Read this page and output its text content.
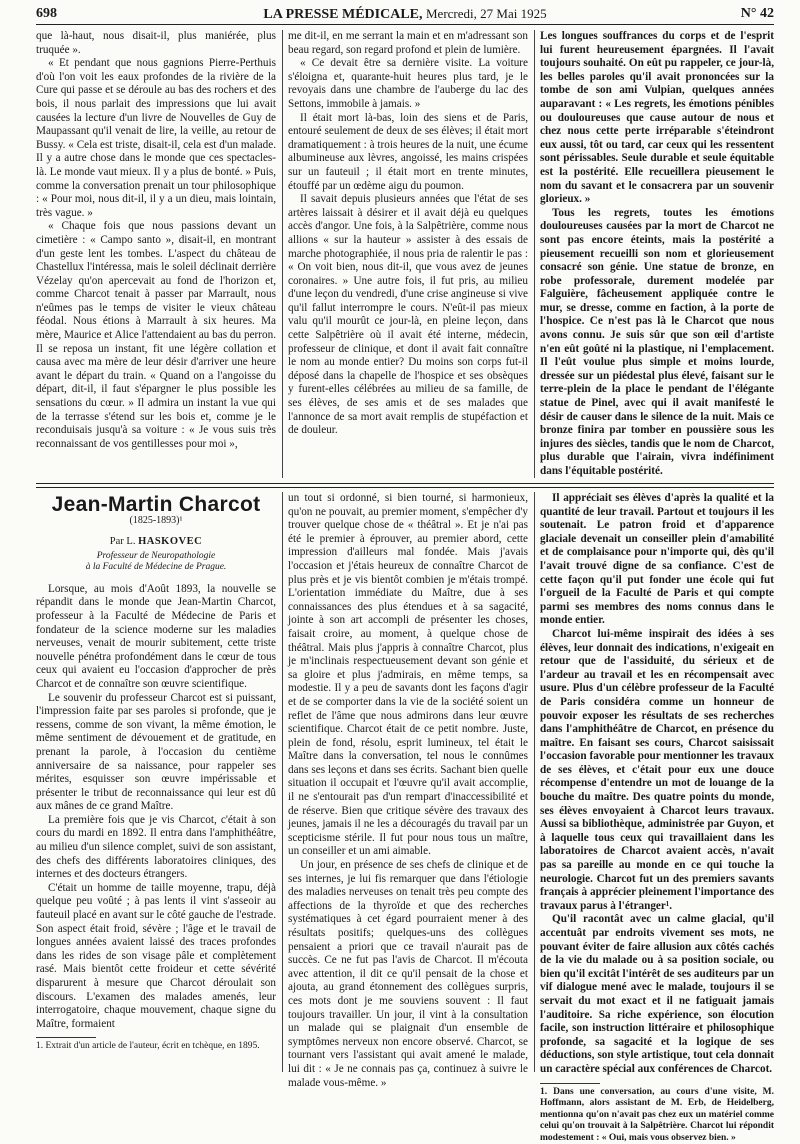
698	LA PRESSE MÉDICALE, Mercredi, 27 Mai 1925	N° 42

que là-haut, nous disait-il, plus maniérée, plus truquée ».

« Et pendant que nous gagnions Pierre-Perthuis d'où l'on voit les eaux profondes de la rivière de la Cure qui passe et se déroule au bas des rochers et des bois, il nous parlait des impressions que lui avait causées la lecture d'un livre de Nouvelles de Guy de Maupassant qu'il venait de lire, la veille, au retour de Bussy. « Cela est triste, disait-il, cela est d'un malade. Il y a autre chose dans le monde que ces spectacles-là. Le monde vaut mieux. Il y a plus de bonté. » Puis, comme la conversation prenait un tour philosophique : « Pour moi, nous dit-il, il y a un dieu, mais lointain, très vague. »

« Chaque fois que nous passions devant un cimetière : « Campo santo », disait-il, en montrant d'un geste lent les tombes. L'aspect du château de Chastellux l'intéressa, mais le soleil déclinait derrière Vézelay qu'on apercevait au fond de l'horizon et, comme Charcot tenait à passer par Marrault, nous n'eûmes pas le temps de visiter le vieux château féodal. Nous étions à Marrault à six heures. Ma mère, Maurice et Alice l'attendaient au bas du perron. Il se reposa un instant, fit une légère collation et causa avec ma mère de leur désir d'arriver une heure avant le départ du train. « Quand on a l'angoisse du départ, dit-il, il faut s'épargner le plus possible les sensations du cœur. » Il admira un instant la vue qui de la terrasse s'étend sur les bois et, comme je le reconduisais jusqu'à sa voiture : « Je vous suis très reconnaissant de vos gentillesses pour moi »,

me dit-il, en me serrant la main et en m'adressant son beau regard, son regard profond et plein de lumière.

« Ce devait être sa dernière visite. La voiture s'éloigna et, quarante-huit heures plus tard, je le revoyais dans une chambre de l'auberge du lac des Settons, immobile à jamais. »

Il était mort là-bas, loin des siens et de Paris, entouré seulement de deux de ses élèves; il était mort dramatiquement : à trois heures de la nuit, une écume albumineuse aux lèvres, angoissé, les mains crispées sur un fauteuil ; il était mort en trente minutes, étouffé par un œdème aigu du poumon.

Il savait depuis plusieurs années que l'état de ses artères laissait à désirer et il avait déjà eu quelques accès d'angor. Une fois, à la Salpêtrière, comme nous allions « sur la hauteur » assister à des essais de marche photographiée, il nous pria de ralentir le pas : « On voit bien, nous dit-il, que vous avez de jeunes coronaires. » Une autre fois, il fut pris, au milieu d'une leçon du vendredi, d'une crise angineuse si vive qu'il fallut interrompre le cours. N'eût-il pas mieux valu qu'il mourût ce jour-là, en pleine leçon, dans cette Salpêtrière où il avait été interne, médecin, professeur de clinique, et dont il avait fait connaître le nom au monde entier? Du moins son corps fut-il déposé dans la chapelle de l'hospice et ses obsèques y furent-elles célébrées au milieu de sa famille, de ses élèves, de ses amis et de ses malades que l'annonce de sa mort avait remplis de stupéfaction et de douleur.

Les longues souffrances du corps et de l'esprit lui furent heureusement épargnées. Il l'avait toujours souhaité. On eût pu rappeler, ce jour-là, les belles paroles qu'il avait prononcées sur la tombe de son ami Vulpian, quelques années auparavant : « Les regrets, les émotions pénibles ou douloureuses que cause autour de nous et chez nous cette perte irréparable s'éteindront eux aussi, tôt ou tard, car ceux qui les ressentent sont périssables. Seule durable et seule équitable est la postérité. Elle recueillera pieusement le nom du savant et le consacrera par un souvenir glorieux. »

Tous les regrets, toutes les émotions douloureuses causées par la mort de Charcot ne sont pas encore éteints, mais la postérité a pieusement recueilli son nom et glorieusement consacré son génie. Une statue de bronze, en robe professorale, durement modelée par Falguière, fâcheusement appliquée contre le mur, se dresse, comme en faction, à la porte de l'hospice. Ce n'est pas là le Charcot que nous avons connu. Je suis sûr que son œil d'artiste n'en eût goûté ni la plastique, ni l'emplacement. Il l'eût voulue plus simple et moins lourde, dressée sur un piédestal plus élevé, faisant sur le terre-plein de la place le pendant de l'élégante statue de Pinel, avec qui il avait manifesté le désir de causer dans le silence de la nuit. Mais ce bronze finira par tomber en poussière sous les injures des siècles, tandis que le nom de Charcot, plus durable que l'airain, vivra indéfiniment dans l'équitable postérité.

Jean-Martin Charcot
(1825-1893)¹
Par L. HASKOVEC
Professeur de Neuropathologie
à la Faculté de Médecine de Prague.

Lorsque, au mois d'Août 1893, la nouvelle se répandit dans le monde que Jean-Martin Charcot, professeur à la Faculté de Médecine de Paris et fondateur de la science moderne sur les maladies nerveuses, venait de mourir subitement, cette triste nouvelle pénétra profondément dans le cœur de tous ceux qui avaient eu l'occasion d'approcher de près Charcot et de connaître son œuvre scientifique.

Le souvenir du professeur Charcot est si puissant, l'impression faite par ses paroles si profonde, que je ressens, comme de son vivant, la même émotion, le même sentiment de dévouement et de gratitude, en prenant la parole, à l'occasion du centième anniversaire de sa naissance, pour rappeler ses mérites, esquisser son œuvre impérissable et présenter le tribut de reconnaissance qui leur est dû aux mânes de ce grand Maître.

La première fois que je vis Charcot, c'était à son cours du mardi en 1892. Il entra dans l'amphithéâtre, au milieu d'un silence complet, suivi de son assistant, des chefs des différents laboratoires cliniques, des internes et des docteurs étrangers.

C'était un homme de taille moyenne, trapu, déjà quelque peu voûté ; à pas lents il vint s'asseoir au fauteuil placé en avant sur le côté gauche de l'estrade. Son aspect était froid, sévère ; l'âge et le travail de longues années avaient laissé des traces profondes dans les rides de son visage pâle et complètement rasé. Mais bientôt cette froideur et cette sévérité disparurent à mesure que Charcot déroulait son discours. L'examen des malades amenés, leur interrogatoire, chaque mouvement, chaque signe du Maître, formaient

1. Extrait d'un article de l'auteur, écrit en tchèque, en 1895.

un tout si ordonné, si bien tourné, si harmonieux, qu'on ne pouvait, au premier moment, s'empêcher d'y trouver quelque chose de « théâtral ». Et je n'ai pas été le premier à éprouver, au premier abord, cette impression d'ailleurs mal fondée. Mais j'avais l'occasion et j'étais heureux de connaître Charcot de plus près et je vis bientôt combien je m'étais trompé. L'orientation immédiate du Maître, due à ses connaissances des plus étendues et à sa sagacité, jointe à son art accompli de présenter les choses, faisait croire, au moment, à quelque chose de théâtral. Mais plus j'appris à connaître Charcot, plus je m'inclinais respectueusement devant son génie et sa gloire et plus j'admirais, en même temps, sa modestie. Il y a peu de savants dont les façons d'agir et de se comporter dans la vie de la société soient un reflet de l'âme que nous admirons dans leur œuvre scientifique. Charcot était de ce petit nombre. Juste, plein de fond, résolu, esprit lumineux, tel était le Maître dans la conversation, tel nous le connûmes dans ses leçons et dans ses écrits. Sachant bien quelle situation il occupait et l'œuvre qu'il avait accomplie, il ne s'entourait pas d'un rempart d'inaccessibilité et de réserve. Bien que critique sévère des travaux des jeunes, jamais il ne les a découragés du travail par un scepticisme stérile. Il fut pour nous tous un maître, un conseiller et un ami aimable.

Un jour, en présence de ses chefs de clinique et de ses internes, je lui fis remarquer que dans l'étiologie des maladies nerveuses on tenait très peu compte des affections de la thyroïde et que des recherches systématiques à cet égard pourraient mener à des résultats positifs; quelques-uns des collègues pensaient a priori que ce travail n'aurait pas de succès. Ce ne fut pas l'avis de Charcot. Il m'écouta avec attention, il dit ce qu'il pensait de la chose et ajouta, au grand étonnement des collègues surpris, ces mots dont je me souviens souvent : Il faut toujours travailler. Un jour, il vint à la consultation un malade qui se plaignait d'un ensemble de symptômes nerveux non encore observé. Charcot, se tournant vers l'assistant qui avait amené le malade, lui dit : « Je ne connais pas ça, continuez à suivre le malade vous-même. »

Il appréciait ses élèves d'après la qualité et la quantité de leur travail. Partout et toujours il les soutenait. Le patron froid et d'apparence glaciale devenait un conseiller plein d'amabilité et de complaisance pour n'importe qui, dès qu'il l'avait trouvé digne de sa confiance. C'est de cette façon qu'il put fonder une école qui fut l'orgueil de la Faculté de Paris et qui compte parmi ses membres des noms connus dans le monde entier.

Charcot lui-même inspirait des idées à ses élèves, leur donnait des indications, n'exigeait en retour que de l'assiduité, du sérieux et de l'ardeur au travail et les en récompensait avec usure. Plus d'un célèbre professeur de la Faculté de Paris considéra comme un honneur de pouvoir exposer les résultats de ses recherches dans l'amphithéâtre de Charcot, en présence du maître. En faisant ses cours, Charcot saisissait l'occasion favorable pour mentionner les travaux de ses élèves, et c'était pour eux une douce récompense d'entendre un mot de louange de la bouche du maître. Des quatre points du monde, ses élèves envoyaient à Charcot leurs travaux. Aussi sa bibliothèque, administrée par Guyon, et à laquelle tous ceux qui travaillaient dans les laboratoires de Charcot avaient accès, n'avait pas sa pareille au monde en ce qui touche la neurologie. Charcot fut un des premiers savants français à apprécier pleinement l'importance des travaux parus à l'étranger¹.

Qu'il racontât avec un calme glacial, qu'il accentuât par endroits vivement ses mots, ne pouvant éviter de faire allusion aux côtés cachés de la vie du malade ou à sa position sociale, ou bien qu'il excitât l'intérêt de ses auditeurs par un vif dialogue mené avec le malade, toujours il se servait du mot exact et il ne fatiguait jamais l'auditoire. Sa riche expérience, son élocution facile, son instruction littéraire et philosophique profonde, sa sagacité et la logique de ses déductions, son style artistique, tout cela donnait un caractère spécial aux conférences de Charcot.

1. Dans une conversation, au cours d'une visite, M. Hoffmann, alors assistant de M. Erb, de Heidelberg, mentionna qu'on n'avait pas chez eux un matériel comme celui qu'on trouvait à la Salpêtrière. Charcot lui répondit modestement : « Oui, mais vous observez bien. »
